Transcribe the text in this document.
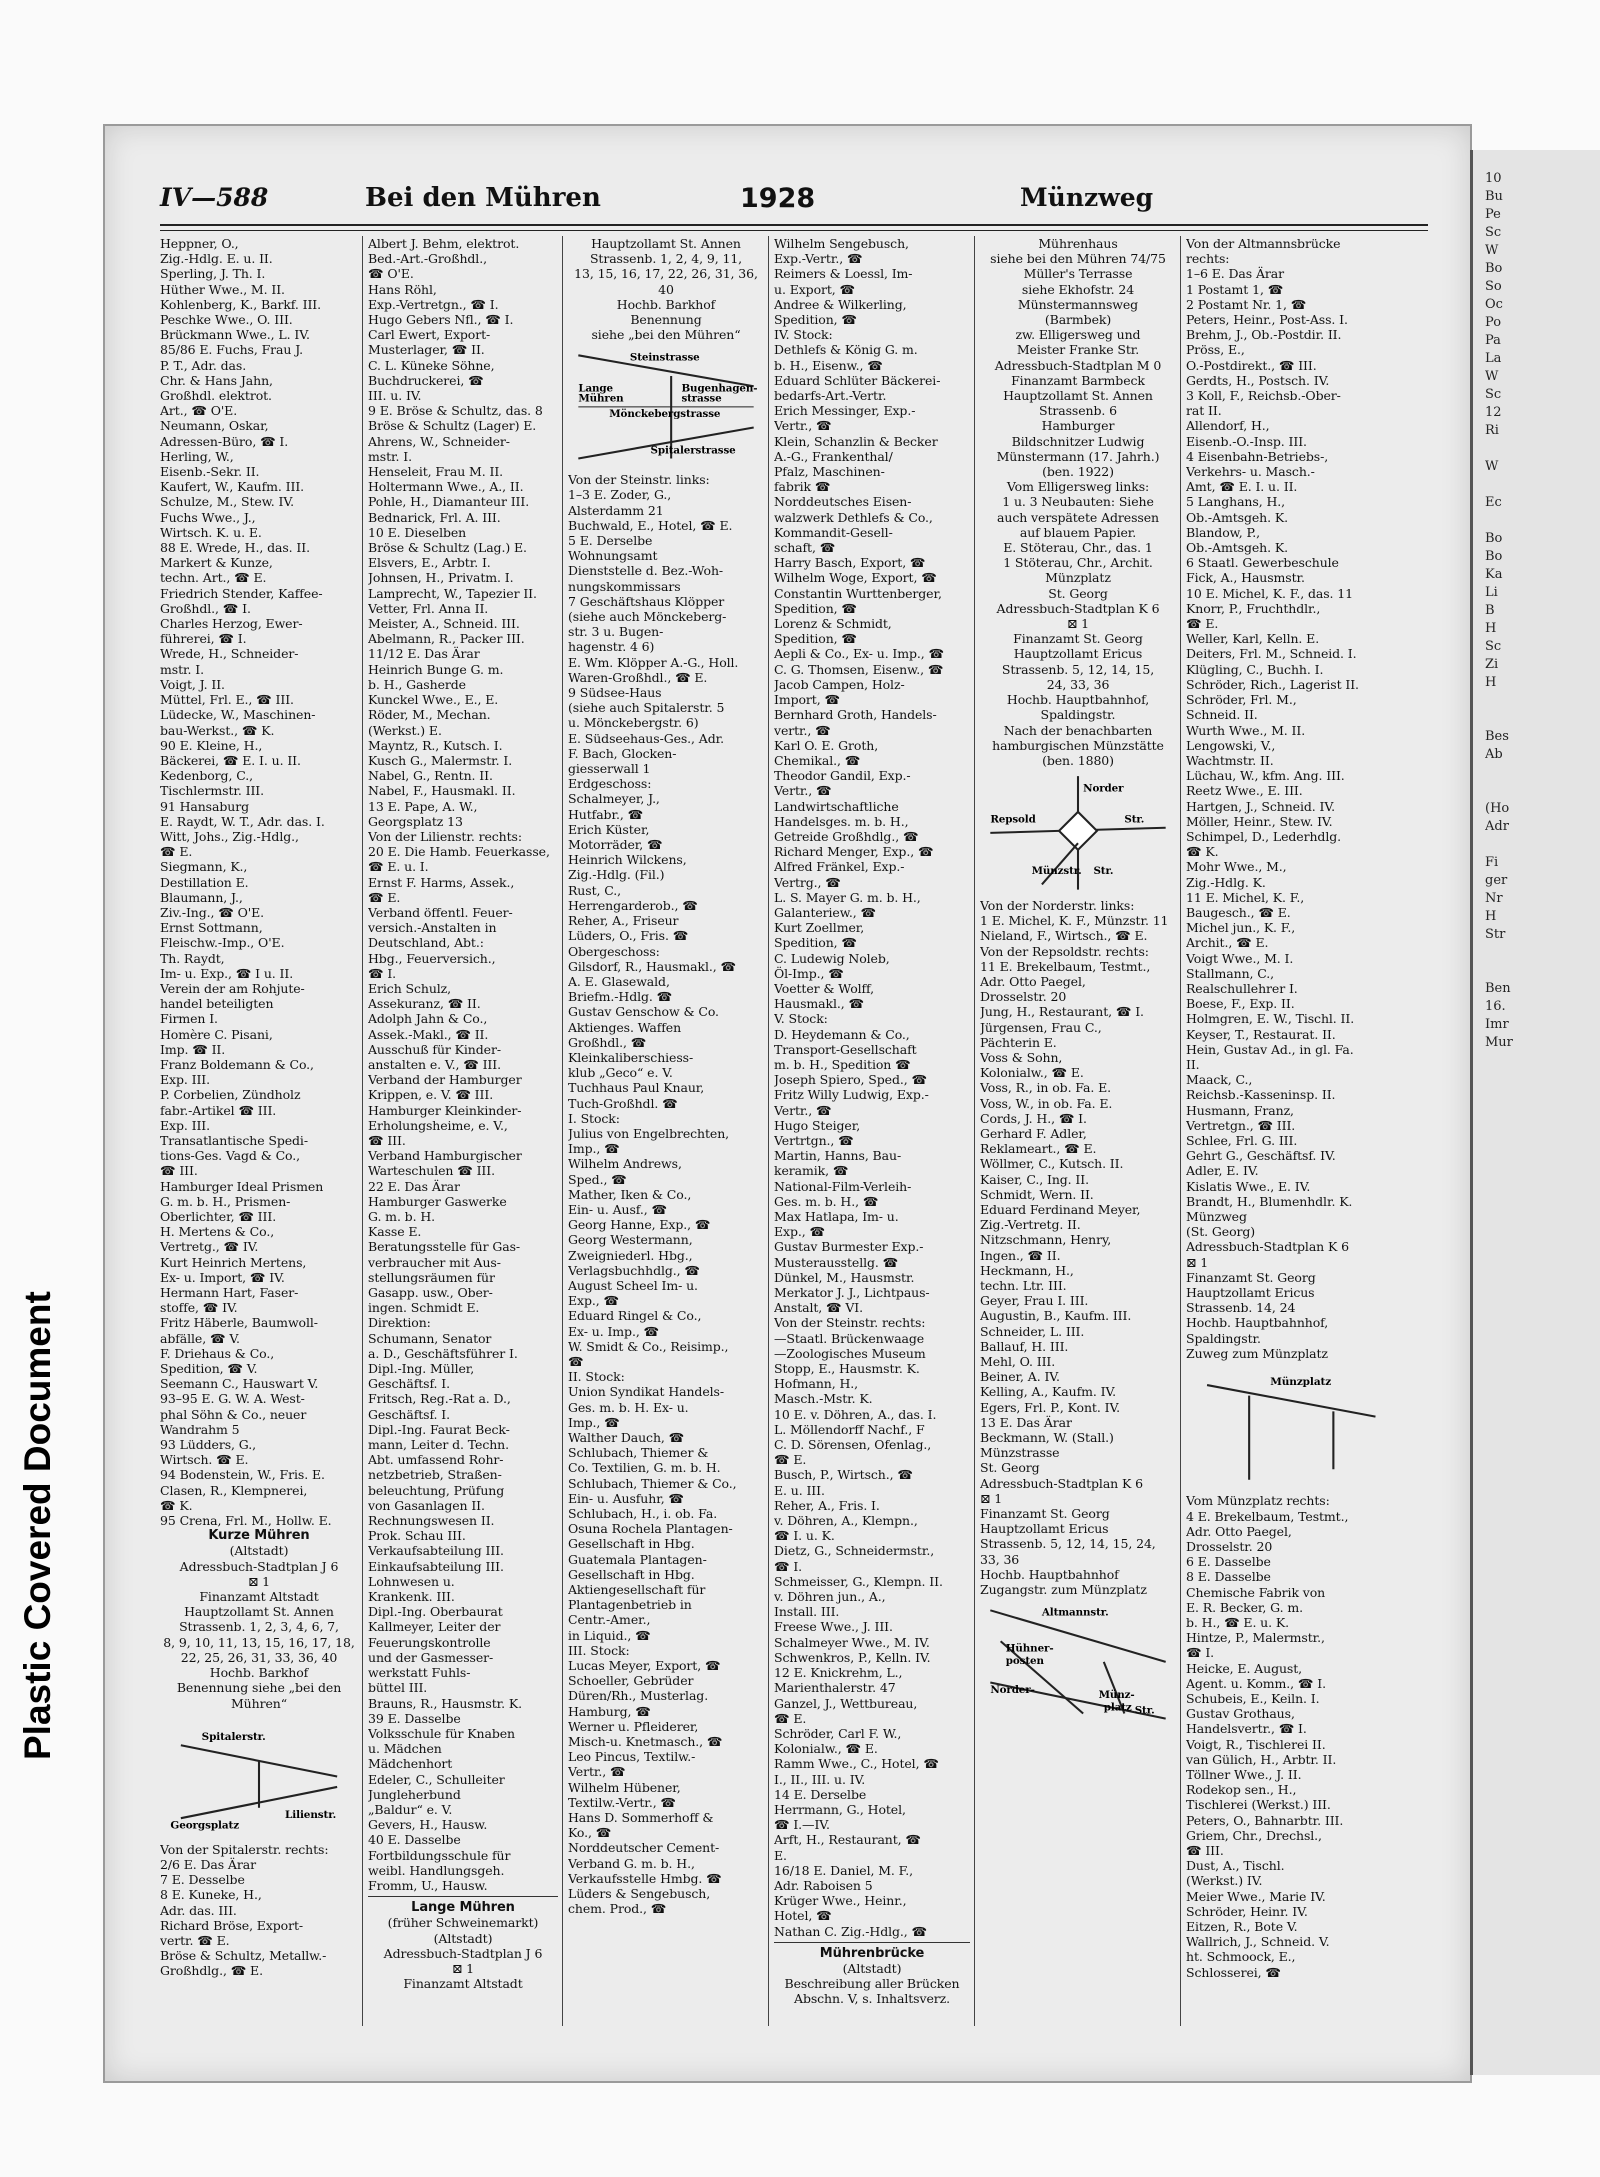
Plastic Covered Document
10
Bu
Pe
Sc
W
Bo
So
Oc
Po
Pa
La
W
Sc
12
Ri

W

Ec

Bo
Bo
Ka
Li
B
H
Sc
Zi
H

Bes
Ab

(Ho
Adr

Fi
ger
Nr
H
Str

Ben
16.
Imr
Mur
IV—588	Bei den Mühren	1928	Münzweg

Heppner, O.,

Zig.-Hdlg. E. u. II.

Sperling, J. Th. I.

Hüther Wwe., M. II.

Kohlenberg, K., Barkf. III.

Peschke Wwe., O. III.

Brückmann Wwe., L. IV.

85/86 E. Fuchs, Frau J.

P. T., Adr. das.

Chr. & Hans Jahn,

Großhdl. elektrot.

Art., ☎ O'E.

Neumann, Oskar,

Adressen-Büro, ☎ I.

Herling, W.,

Eisenb.-Sekr. II.

Kaufert, W., Kaufm. III.

Schulze, M., Stew. IV.

Fuchs Wwe., J.,

Wirtsch. K. u. E.

88 E. Wrede, H., das. II.

Markert & Kunze,

techn. Art., ☎ E.

Friedrich Stender, Kaffee-

Großhdl., ☎ I.

Charles Herzog, Ewer-

führerei, ☎ I.

Wrede, H., Schneider-

mstr. I.

Voigt, J. II.

Müttel, Frl. E., ☎ III.

Lüdecke, W., Maschinen-

bau-Werkst., ☎ K.

90 E. Kleine, H.,

Bäckerei, ☎ E. I. u. II.

Kedenborg, C.,

Tischlermstr. III.

91 Hansaburg

E. Raydt, W. T., Adr. das. I.

Witt, Johs., Zig.-Hdlg.,

☎ E.

Siegmann, K.,

Destillation E.

Blaumann, J.,

Ziv.-Ing., ☎ O'E.

Ernst Sottmann,

Fleischw.-Imp., O'E.

Th. Raydt,

Im- u. Exp., ☎ I u. II.

Verein der am Rohjute-

handel beteiligten

Firmen I.

Homère C. Pisani,

Imp. ☎ II.

Franz Boldemann & Co.,

Exp. III.

P. Corbelien, Zündholz

fabr.-Artikel ☎ III.

Exp. III.

Transatlantische Spedi-

tions-Ges. Vagd & Co.,

☎ III.

Hamburger Ideal Prismen

G. m. b. H., Prismen-

Oberlichter, ☎ III.

H. Mertens & Co.,

Vertretg., ☎ IV.

Kurt Heinrich Mertens,

Ex- u. Import, ☎ IV.

Hermann Hart, Faser-

stoffe, ☎ IV.

Fritz Häberle, Baumwoll-

abfälle, ☎ V.

F. Driehaus & Co.,

Spedition, ☎ V.

Seemann C., Hauswart V.

93–95 E. G. W. A. West-

phal Söhn & Co., neuer

Wandrahm 5

93 Lüdders, G.,

Wirtsch. ☎ E.

94 Bodenstein, W., Fris. E.

Clasen, R., Klempnerei,

☎ K.

95 Crena, Frl. M., Hollw. E.

Kurze Mühren

(Altstadt)

Adressbuch-Stadtplan J 6

⊠ 1

Finanzamt Altstadt

Hauptzollamt St. Annen

Strassenb. 1, 2, 3, 4, 6, 7,

8, 9, 10, 11, 13, 15, 16, 17, 18,

22, 25, 26, 31, 33, 36, 40

Hochb. Barkhof

Benennung siehe „bei den

Mühren“

Spitalerstr.
Georgsplatz
Lilienstr.

Von der Spitalerstr. rechts:

2/6 E. Das Ärar

7 E. Desselbe

8 E. Kuneke, H.,

Adr. das. III.

Richard Bröse, Export-

vertr. ☎ E.

Bröse & Schultz, Metallw.-

Großhdlg., ☎ E.

Albert J. Behm, elektrot.

Bed.-Art.-Großhdl.,

☎ O'E.

Hans Röhl,

Exp.-Vertretgn., ☎ I.

Hugo Gebers Nfl., ☎ I.

Carl Ewert, Export-

Musterlager, ☎ II.

C. L. Küneke Söhne,

Buchdruckerei, ☎

III. u. IV.

9 E. Bröse & Schultz, das. 8

Bröse & Schultz (Lager) E.

Ahrens, W., Schneider-

mstr. I.

Henseleit, Frau M. II.

Holtermann Wwe., A., II.

Pohle, H., Diamanteur III.

Bednarick, Frl. A. III.

10 E. Dieselben

Bröse & Schultz (Lag.) E.

Elsvers, E., Arbtr. I.

Johnsen, H., Privatm. I.

Lamprecht, W., Tapezier II.

Vetter, Frl. Anna II.

Meister, A., Schneid. III.

Abelmann, R., Packer III.

11/12 E. Das Ärar

Heinrich Bunge G. m.

b. H., Gasherde

Kunckel Wwe., E., E.

Röder, M., Mechan.

(Werkst.) E.

Mayntz, R., Kutsch. I.

Kusch G., Malermstr. I.

Nabel, G., Rentn. II.

Nabel, F., Hausmakl. II.

13 E. Pape, A. W.,

Georgsplatz 13

Von der Lilienstr. rechts:

20 E. Die Hamb. Feuerkasse,

☎ E. u. I.

Ernst F. Harms, Assek.,

☎ E.

Verband öffentl. Feuer-

versich.-Anstalten in

Deutschland, Abt.:

Hbg., Feuerversich.,

☎ I.

Erich Schulz,

Assekuranz, ☎ II.

Adolph Jahn & Co.,

Assek.-Makl., ☎ II.

Ausschuß für Kinder-

anstalten e. V., ☎ III.

Verband der Hamburger

Krippen, e. V. ☎ III.

Hamburger Kleinkinder-

Erholungsheime, e. V.,

☎ III.

Verband Hamburgischer

Warteschulen ☎ III.

22 E. Das Ärar

Hamburger Gaswerke

G. m. b. H.

Kasse E.

Beratungsstelle für Gas-

verbraucher mit Aus-

stellungsräumen für

Gasapp. usw., Ober-

ingen. Schmidt E.

Direktion:

Schumann, Senator

a. D., Geschäftsführer I.

Dipl.-Ing. Müller,

Geschäftsf. I.

Fritsch, Reg.-Rat a. D.,

Geschäftsf. I.

Dipl.-Ing. Faurat Beck-

mann, Leiter d. Techn.

Abt. umfassend Rohr-

netzbetrieb, Straßen-

beleuchtung, Prüfung

von Gasanlagen II.

Rechnungswesen II.

Prok. Schau III.

Verkaufsabteilung III.

Einkaufsabteilung III.

Lohnwesen u.

Krankenk. III.

Dipl.-Ing. Oberbaurat

Kallmeyer, Leiter der

Feuerungskontrolle

und der Gasmesser-

werkstatt Fuhls-

büttel III.

Brauns, R., Hausmstr. K.

39 E. Dasselbe

Volksschule für Knaben

u. Mädchen

Mädchenhort

Edeler, C., Schulleiter

Jungleherbund

„Baldur“ e. V.

Gevers, H., Hausw.

40 E. Dasselbe

Fortbildungsschule für

weibl. Handlungsgeh.

Fromm, U., Hausw.

Lange Mühren

(früher Schweinemarkt)

(Altstadt)

Adressbuch-Stadtplan J 6

⊠ 1

Finanzamt Altstadt

Hauptzollamt St. Annen

Strassenb. 1, 2, 4, 9, 11,

13, 15, 16, 17, 22, 26, 31, 36, 40

Hochb. Barkhof

Benennung

siehe „bei den Mühren“

Steinstrasse
Lange
Mühren
Bugenhagen-
strasse
Mönckebergstrasse
Spitalerstrasse

Von der Steinstr. links:

1–3 E. Zoder, G.,

Alsterdamm 21

Buchwald, E., Hotel, ☎ E.

5 E. Derselbe

Wohnungsamt

Dienststelle d. Bez.-Woh-

nungskommissars

7 Geschäftshaus Klöpper

(siehe auch Mönckeberg-

str. 3 u. Bugen-

hagenstr. 4 6)

E. Wm. Klöpper A.-G., Holl.

Waren-Großhdl., ☎ E.

9 Südsee-Haus

(siehe auch Spitalerstr. 5

u. Mönckebergstr. 6)

E. Südseehaus-Ges., Adr.

F. Bach, Glocken-

giesserwall 1

Erdgeschoss:

Schalmeyer, J.,

Hutfabr., ☎

Erich Küster,

Motorräder, ☎

Heinrich Wilckens,

Zig.-Hdlg. (Fil.)

Rust, C.,

Herrengarderob., ☎

Reher, A., Friseur

Lüders, O., Fris. ☎

Obergeschoss:

Gilsdorf, R., Hausmakl., ☎

A. E. Glasewald,

Briefm.-Hdlg. ☎

Gustav Genschow & Co.

Aktienges. Waffen

Großhdl., ☎

Kleinkaliberschiess-

klub „Geco“ e. V.

Tuchhaus Paul Knaur,

Tuch-Großhdl. ☎

I. Stock:

Julius von Engelbrechten,

Imp., ☎

Wilhelm Andrews,

Sped., ☎

Mather, Iken & Co.,

Ein- u. Ausf., ☎

Georg Hanne, Exp., ☎

Georg Westermann,

Zweigniederl. Hbg.,

Verlagsbuchhdlg., ☎

August Scheel Im- u.

Exp., ☎

Eduard Ringel & Co.,

Ex- u. Imp., ☎

W. Smidt & Co., Reisimp.,

☎

II. Stock:

Union Syndikat Handels-

Ges. m. b. H. Ex- u.

Imp., ☎

Walther Dauch, ☎

Schlubach, Thiemer &

Co. Textilien, G. m. b. H.

Schlubach, Thiemer & Co.,

Ein- u. Ausfuhr, ☎

Schlubach, H., i. ob. Fa.

Osuna Rochela Plantagen-

Gesellschaft in Hbg.

Guatemala Plantagen-

Gesellschaft in Hbg.

Aktiengesellschaft für

Plantagenbetrieb in

Centr.-Amer.,

in Liquid., ☎

III. Stock:

Lucas Meyer, Export, ☎

Schoeller, Gebrüder

Düren/Rh., Musterlag.

Hamburg, ☎

Werner u. Pfleiderer,

Misch-u. Knetmasch., ☎

Leo Pincus, Textilw.-

Vertr., ☎

Wilhelm Hübener,

Textilw.-Vertr., ☎

Hans D. Sommerhoff &

Ko., ☎

Norddeutscher Cement-

Verband G. m. b. H.,

Verkaufsstelle Hmbg. ☎

Lüders & Sengebusch,

chem. Prod., ☎

Wilhelm Sengebusch,

Exp.-Vertr., ☎

Reimers & Loessl, Im-

u. Export, ☎

Andree & Wilkerling,

Spedition, ☎

IV. Stock:

Dethlefs & König G. m.

b. H., Eisenw., ☎

Eduard Schlüter Bäckerei-

bedarfs-Art.-Vertr.

Erich Messinger, Exp.-

Vertr., ☎

Klein, Schanzlin & Becker

A.-G., Frankenthal/

Pfalz, Maschinen-

fabrik ☎

Norddeutsches Eisen-

walzwerk Dethlefs & Co.,

Kommandit-Gesell-

schaft, ☎

Harry Basch, Export, ☎

Wilhelm Woge, Export, ☎

Constantin Wurttenberger,

Spedition, ☎

Lorenz & Schmidt,

Spedition, ☎

Aepli & Co., Ex- u. Imp., ☎

C. G. Thomsen, Eisenw., ☎

Jacob Campen, Holz-

Import, ☎

Bernhard Groth, Handels-

vertr., ☎

Karl O. E. Groth,

Chemikal., ☎

Theodor Gandil, Exp.-

Vertr., ☎

Landwirtschaftliche

Handelsges. m. b. H.,

Getreide Großhdlg., ☎

Richard Menger, Exp., ☎

Alfred Fränkel, Exp.-

Vertrg., ☎

L. S. Mayer G. m. b. H.,

Galanteriew., ☎

Kurt Zoellmer,

Spedition, ☎

C. Ludewig Noleb,

Öl-Imp., ☎

Voetter & Wolff,

Hausmakl., ☎

V. Stock:

D. Heydemann & Co.,

Transport-Gesellschaft

m. b. H., Spedition ☎

Joseph Spiero, Sped., ☎

Fritz Willy Ludwig, Exp.-

Vertr., ☎

Hugo Steiger,

Vertrtgn., ☎

Martin, Hanns, Bau-

keramik, ☎

National-Film-Verleih-

Ges. m. b. H., ☎

Max Hatlapa, Im- u.

Exp., ☎

Gustav Burmester Exp.-

Musterausstellg. ☎

Dünkel, M., Hausmstr.

Merkator J. J., Lichtpaus-

Anstalt, ☎ VI.

Von der Steinstr. rechts:

—Staatl. Brückenwaage

—Zoologisches Museum

Stopp, E., Hausmstr. K.

Hofmann, H.,

Masch.-Mstr. K.

10 E. v. Döhren, A., das. I.

L. Möllendorff Nachf., F

C. D. Sörensen, Ofenlag.,

☎ E.

Busch, P., Wirtsch., ☎

E. u. III.

Reher, A., Fris. I.

v. Döhren, A., Klempn.,

☎ I. u. K.

Dietz, G., Schneidermstr.,

☎ I.

Schmeisser, G., Klempn. II.

v. Döhren jun., A.,

Install. III.

Freese Wwe., J. III.

Schalmeyer Wwe., M. IV.

Schwenkros, P., Kelln. IV.

12 E. Knickrehm, L.,

Marienthalerstr. 47

Ganzel, J., Wettbureau,

☎ E.

Schröder, Carl F. W.,

Kolonialw., ☎ E.

Ramm Wwe., C., Hotel, ☎

I., II., III. u. IV.

14 E. Derselbe

Herrmann, G., Hotel,

☎ I.—IV.

Arft, H., Restaurant, ☎

E.

16/18 E. Daniel, M. F.,

Adr. Raboisen 5

Krüger Wwe., Heinr.,

Hotel, ☎

Nathan C. Zig.-Hdlg., ☎

Mührenbrücke

(Altstadt)

Beschreibung aller Brücken

Abschn. V, s. Inhaltsverz.

Mührenhaus

siehe bei den Mühren 74/75

Müller's Terrasse

siehe Ekhofstr. 24

Münstermannsweg

(Barmbek)

zw. Elligersweg und

Meister Franke Str.

Adressbuch-Stadtplan M 0

Finanzamt Barmbeck

Hauptzollamt St. Annen

Strassenb. 6

Hamburger

Bildschnitzer Ludwig

Münstermann (17. Jahrh.)

(ben. 1922)

Vom Elligersweg links:

1 u. 3 Neubauten: Siehe

auch verspätete Adressen

auf blauem Papier.

E. Stöterau, Chr., das. 1

1 Stöterau, Chr., Archit.

Münzplatz

St. Georg

Adressbuch-Stadtplan K 6

⊠ 1

Finanzamt St. Georg

Hauptzollamt Ericus

Strassenb. 5, 12, 14, 15,

24, 33, 36

Hochb. Hauptbahnhof,

Spaldingstr.

Nach der benachbarten

hamburgischen Münzstätte

(ben. 1880)

Norder
Repsold	Str.
Münzstr. Str.

Von der Norderstr. links:

1 E. Michel, K. F., Münzstr. 11

Nieland, F., Wirtsch., ☎ E.

Von der Repsoldstr. rechts:

11 E. Brekelbaum, Testmt.,

Adr. Otto Paegel,

Drosselstr. 20

Jung, H., Restaurant, ☎ I.

Jürgensen, Frau C.,

Pächterin E.

Voss & Sohn,

Kolonialw., ☎ E.

Voss, R., in ob. Fa. E.

Voss, W., in ob. Fa. E.

Cords, J. H., ☎ I.

Gerhard F. Adler,

Reklameart., ☎ E.

Wöllmer, C., Kutsch. II.

Kaiser, C., Ing. II.

Schmidt, Wern. II.

Eduard Ferdinand Meyer,

Zig.-Vertretg. II.

Nitzschmann, Henry,

Ingen., ☎ II.

Heckmann, H.,

techn. Ltr. III.

Geyer, Frau I. III.

Augustin, B., Kaufm. III.

Schneider, L. III.

Ballauf, H. III.

Mehl, O. III.

Beiner, A. IV.

Kelling, A., Kaufm. IV.

Egers, Frl. P., Kont. IV.

13 E. Das Ärar

Beckmann, W. (Stall.)

Münzstrasse

St. Georg

Adressbuch-Stadtplan K 6

⊠ 1

Finanzamt St. Georg

Hauptzollamt Ericus

Strassenb. 5, 12, 14, 15, 24,

33, 36

Hochb. Hauptbahnhof

Zugangstr. zum Münzplatz

Altmannstr.
Hühner-
posten
Norder-	Münz-
platz Str.

Von der Altmannsbrücke

rechts:

1–6 E. Das Ärar

1 Postamt 1, ☎

2 Postamt Nr. 1, ☎

Peters, Heinr., Post-Ass. I.

Brehm, J., Ob.-Postdir. II.

Pröss, E.,

O.-Postdirekt., ☎ III.

Gerdts, H., Postsch. IV.

3 Koll, F., Reichsb.-Ober-

rat II.

Allendorf, H.,

Eisenb.-O.-Insp. III.

4 Eisenbahn-Betriebs-,

Verkehrs- u. Masch.-

Amt, ☎ E. I. u. II.

5 Langhans, H.,

Ob.-Amtsgeh. K.

Blandow, P.,

Ob.-Amtsgeh. K.

6 Staatl. Gewerbeschule

Fick, A., Hausmstr.

10 E. Michel, K. F., das. 11

Knorr, P., Fruchthdlr.,

☎ E.

Weller, Karl, Kelln. E.

Deiters, Frl. M., Schneid. I.

Klügling, C., Buchh. I.

Schröder, Rich., Lagerist II.

Schröder, Frl. M.,

Schneid. II.

Wurth Wwe., M. II.

Lengowski, V.,

Wachtmstr. II.

Lüchau, W., kfm. Ang. III.

Reetz Wwe., E. III.

Hartgen, J., Schneid. IV.

Möller, Heinr., Stew. IV.

Schimpel, D., Lederhdlg.

☎ K.

Mohr Wwe., M.,

Zig.-Hdlg. K.

11 E. Michel, K. F.,

Baugesch., ☎ E.

Michel jun., K. F.,

Archit., ☎ E.

Voigt Wwe., M. I.

Stallmann, C.,

Realschullehrer I.

Boese, F., Exp. II.

Holmgren, E. W., Tischl. II.

Keyser, T., Restaurat. II.

Hein, Gustav Ad., in gl. Fa.

II.

Maack, C.,

Reichsb.-Kasseninsp. II.

Husmann, Franz,

Vertretgn., ☎ III.

Schlee, Frl. G. III.

Gehrt G., Geschäftsf. IV.

Adler, E. IV.

Kislatis Wwe., E. IV.

Brandt, H., Blumenhdlr. K.

Münzweg

(St. Georg)

Adressbuch-Stadtplan K 6

⊠ 1

Finanzamt St. Georg

Hauptzollamt Ericus

Strassenb. 14, 24

Hochb. Hauptbahnhof,

Spaldingstr.

Zuweg zum Münzplatz

Münzplatz

Vom Münzplatz rechts:

4 E. Brekelbaum, Testmt.,

Adr. Otto Paegel,

Drosselstr. 20

6 E. Dasselbe

8 E. Dasselbe

Chemische Fabrik von

E. R. Becker, G. m.

b. H., ☎ E. u. K.

Hintze, P., Malermstr.,

☎ I.

Heicke, E. August,

Agent. u. Komm., ☎ I.

Schubeis, E., Keiln. I.

Gustav Grothaus,

Handelsvertr., ☎ I.

Voigt, R., Tischlerei II.

van Gülich, H., Arbtr. II.

Töllner Wwe., J. II.

Rodekop sen., H.,

Tischlerei (Werkst.) III.

Peters, O., Bahnarbtr. III.

Griem, Chr., Drechsl.,

☎ III.

Dust, A., Tischl.

(Werkst.) IV.

Meier Wwe., Marie IV.

Schröder, Heinr. IV.

Eitzen, R., Bote V.

Wallrich, J., Schneid. V.

ht. Schmoock, E.,

Schlosserei, ☎
